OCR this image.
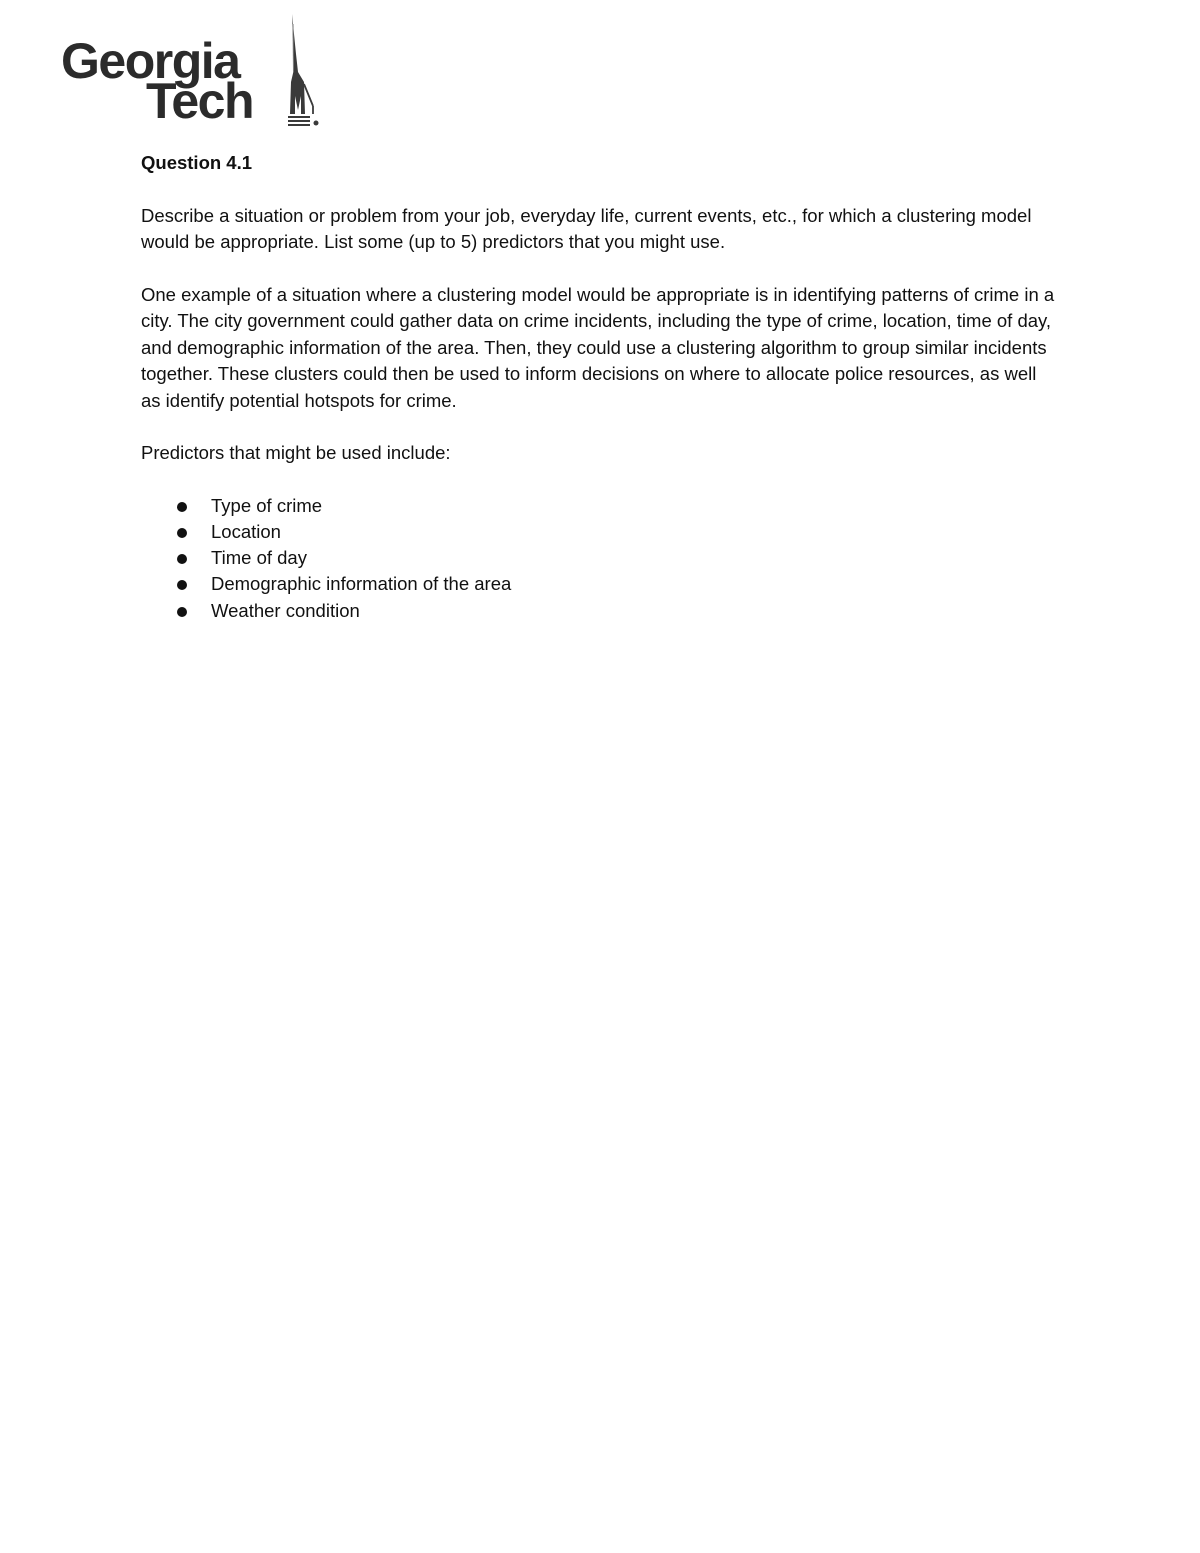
Georgia
Tech
Question 4.1

Describe a situation or problem from your job, everyday life, current events, etc., for which a clustering model would be appropriate. List some (up to 5) predictors that you might use.

One example of a situation where a clustering model would be appropriate is in identifying patterns of crime in a city. The city government could gather data on crime incidents, including the type of crime, location, time of day, and demographic information of the area. Then, they could use a clustering algorithm to group similar incidents together. These clusters could then be used to inform decisions on where to allocate police resources, as well as identify potential hotspots for crime.

Predictors that might be used include:

Type of crime
Location
Time of day
Demographic information of the area
Weather condition
